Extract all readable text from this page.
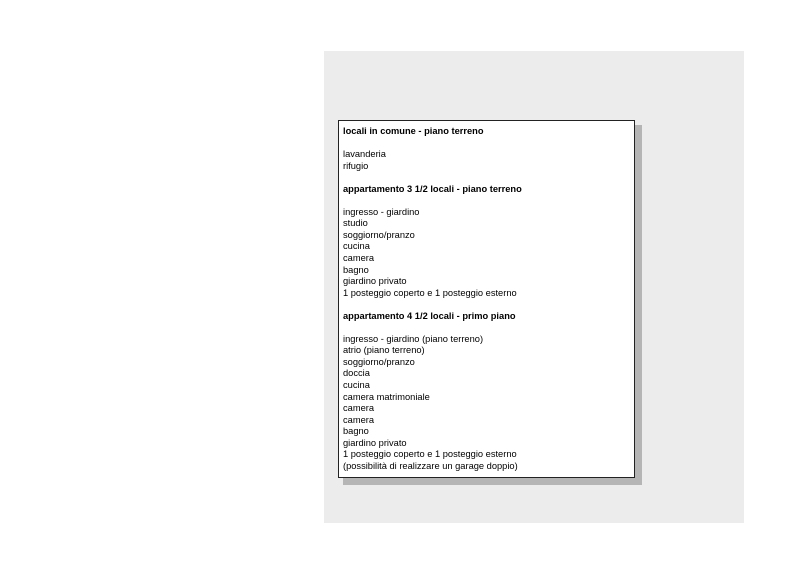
locali in comune - piano terreno
lavanderia
rifugio
appartamento 3 1/2 locali - piano terreno
ingresso - giardino
studio
soggiorno/pranzo
cucina
camera
bagno
giardino privato
1 posteggio coperto e 1 posteggio esterno
appartamento 4 1/2 locali - primo piano
ingresso - giardino (piano terreno)
atrio (piano terreno)
soggiorno/pranzo
doccia
cucina
camera matrimoniale
camera
camera
bagno
giardino privato
1 posteggio coperto e 1 posteggio esterno
(possibilità di realizzare un garage doppio)
